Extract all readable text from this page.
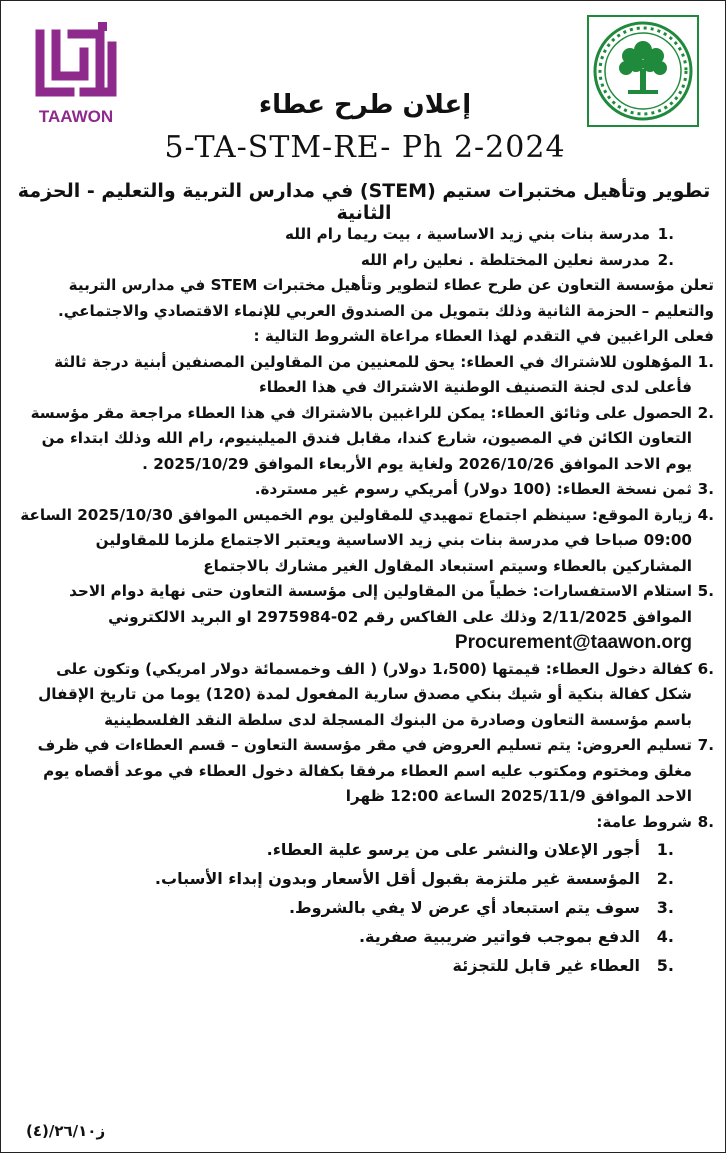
TAAWON	إعلان طرح عطاء
5-TA-STM-RE- Ph 2-2024
تطوير وتأهيل مختبرات ستيم (STEM) في مدارس التربية والتعليم - الحزمة الثانية
.1
مدرسة بنات بني زيد الاساسية ، بيت ريما رام الله
.2
مدرسة نعلين المختلطة . نعلين رام الله

تعلن مؤسسة التعاون عن طرح عطاء لتطوير وتأهيل مختبرات STEM في مدارس التربية والتعليم – الحزمة الثانية وذلك بتمويل من الصندوق العربي للإنماء الاقتصادي والاجتماعي.

فعلى الراغبين في التقدم لهذا العطاء مراعاة الشروط التالية :

.1
المؤهلون للاشتراك في العطاء: يحق للمعنيين من المقاولين المصنفين أبنية درجة ثالثة فأعلى لدى لجنة التصنيف الوطنية الاشتراك في هذا العطاء
.2
الحصول على وثائق العطاء: يمكن للراغبين بالاشتراك في هذا العطاء مراجعة مقر مؤسسة التعاون الكائن في المصيون، شارع كندا، مقابل فندق الميلينيوم، رام الله وذلك ابتداء من يوم الاحد الموافق 2026/10/26 ولغاية يوم الأربعاء الموافق 2025/10/29 .
.3
ثمن نسخة العطاء: (100 دولار) أمريكي رسوم غير مستردة.
.4
زيارة الموقع: سينظم اجتماع تمهيدي للمقاولين يوم الخميس الموافق 2025/10/30 الساعة 09:00 صباحا في مدرسة بنات بني زيد الاساسية ويعتبر الاجتماع ملزما للمقاولين المشاركين بالعطاء وسيتم استبعاد المقاول الغير مشارك بالاجتماع
.5
استلام الاستفسارات: خطياً من المقاولين إلى مؤسسة التعاون حتى نهاية دوام الاحد الموافق 2/11/2025 وذلك على الفاكس رقم 02-2975984 او البريد الالكتروني
Procurement@taawon.org
.6
كفالة دخول العطاء: قيمتها (1،500 دولار) ( الف وخمسمائة دولار امريكي) وتكون على شكل كفالة بنكية أو شيك بنكي مصدق سارية المفعول لمدة (120) يوما من تاريخ الإقفال باسم مؤسسة التعاون وصادرة من البنوك المسجلة لدى سلطة النقد الفلسطينية
.7
تسليم العروض: يتم تسليم العروض في مقر مؤسسة التعاون – قسم العطاءات في ظرف مغلق ومختوم ومكتوب عليه اسم العطاء مرفقا بكفالة دخول العطاء في موعد أقصاه يوم الاحد الموافق 2025/11/9 الساعة 12:00 ظهرا
.8
شروط عامة:
.1
أجور الإعلان والنشر على من يرسو علية العطاء.
.2
المؤسسة غير ملتزمة بقبول أقل الأسعار وبدون إبداء الأسباب.
.3
سوف يتم استبعاد أي عرض لا يفي بالشروط.
.4
الدفع بموجب فواتير ضريبية صفرية.
.5
العطاء غير قابل للتجزئة
ز٢٦/١٠/(٤)
